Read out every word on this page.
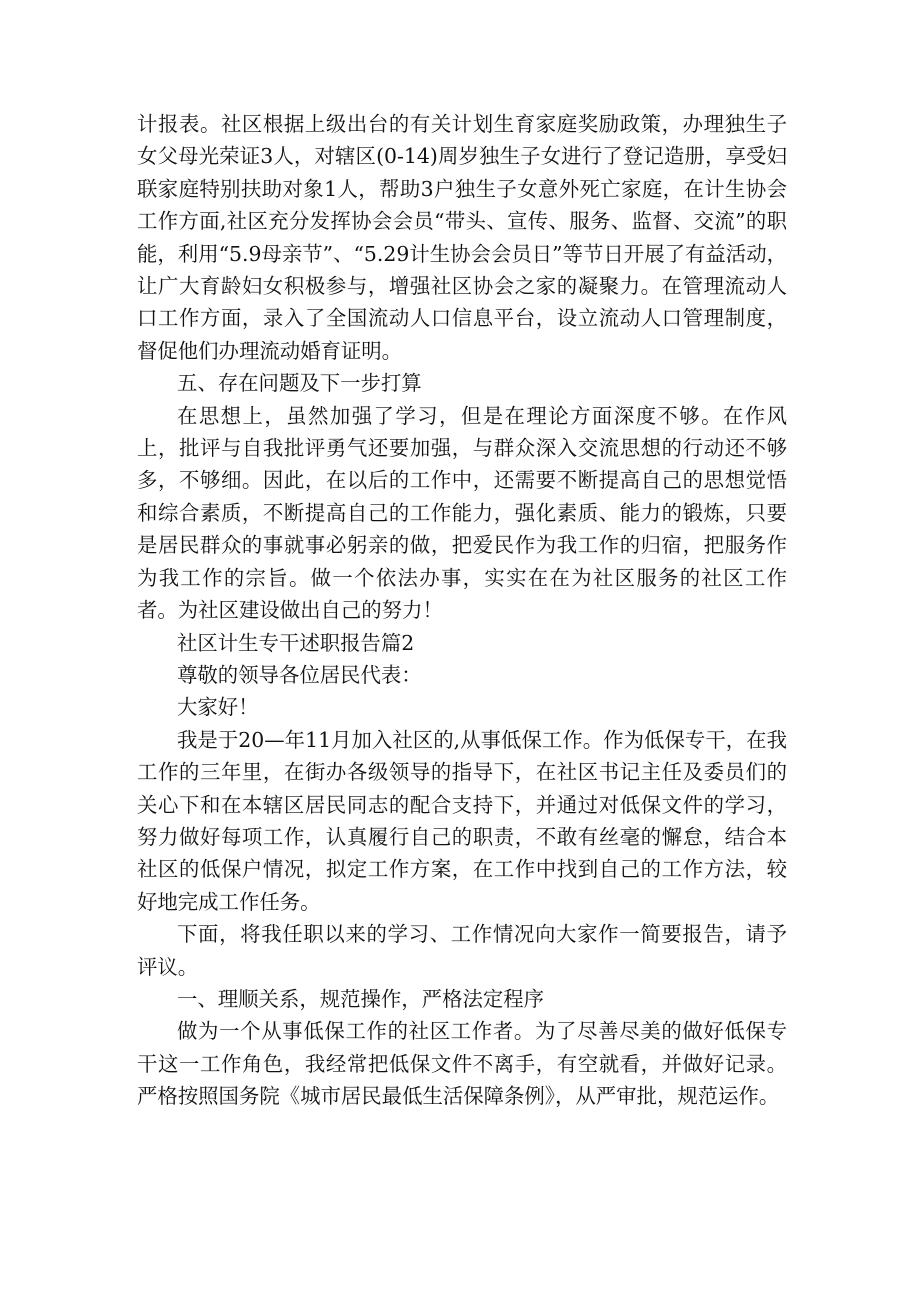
计报表。社区根据上级出台的有关计划生育家庭奖励政策，办理独生子女父母光荣证3人，对辖区(0-14)周岁独生子女进行了登记造册，享受妇联家庭特别扶助对象1人，帮助3户独生子女意外死亡家庭，在计生协会工作方面,社区充分发挥协会会员“带头、宣传、服务、监督、交流”的职能，利用“5.9母亲节”、“5.29计生协会会员日”等节日开展了有益活动，让广大育龄妇女积极参与，增强社区协会之家的凝聚力。在管理流动人口工作方面，录入了全国流动人口信息平台，设立流动人口管理制度，督促他们办理流动婚育证明。

五、存在问题及下一步打算

在思想上，虽然加强了学习，但是在理论方面深度不够。在作风上，批评与自我批评勇气还要加强，与群众深入交流思想的行动还不够多，不够细。因此，在以后的工作中，还需要不断提高自己的思想觉悟和综合素质，不断提高自己的工作能力，强化素质、能力的锻炼，只要是居民群众的事就事必躬亲的做，把爱民作为我工作的归宿，把服务作为我工作的宗旨。做一个依法办事，实实在在为社区服务的社区工作者。为社区建设做出自己的努力！

社区计生专干述职报告篇2

尊敬的领导各位居民代表：

大家好！

我是于20—年11月加入社区的,从事低保工作。作为低保专干，在我工作的三年里，在街办各级领导的指导下，在社区书记主任及委员们的关心下和在本辖区居民同志的配合支持下，并通过对低保文件的学习，努力做好每项工作，认真履行自己的职责，不敢有丝毫的懈怠，结合本社区的低保户情况，拟定工作方案，在工作中找到自己的工作方法，较好地完成工作任务。

下面，将我任职以来的学习、工作情况向大家作一简要报告，请予评议。

一、理顺关系，规范操作，严格法定程序

做为一个从事低保工作的社区工作者。为了尽善尽美的做好低保专干这一工作角色，我经常把低保文件不离手，有空就看，并做好记录。严格按照国务院《城市居民最低生活保障条例》，从严审批，规范运作。
